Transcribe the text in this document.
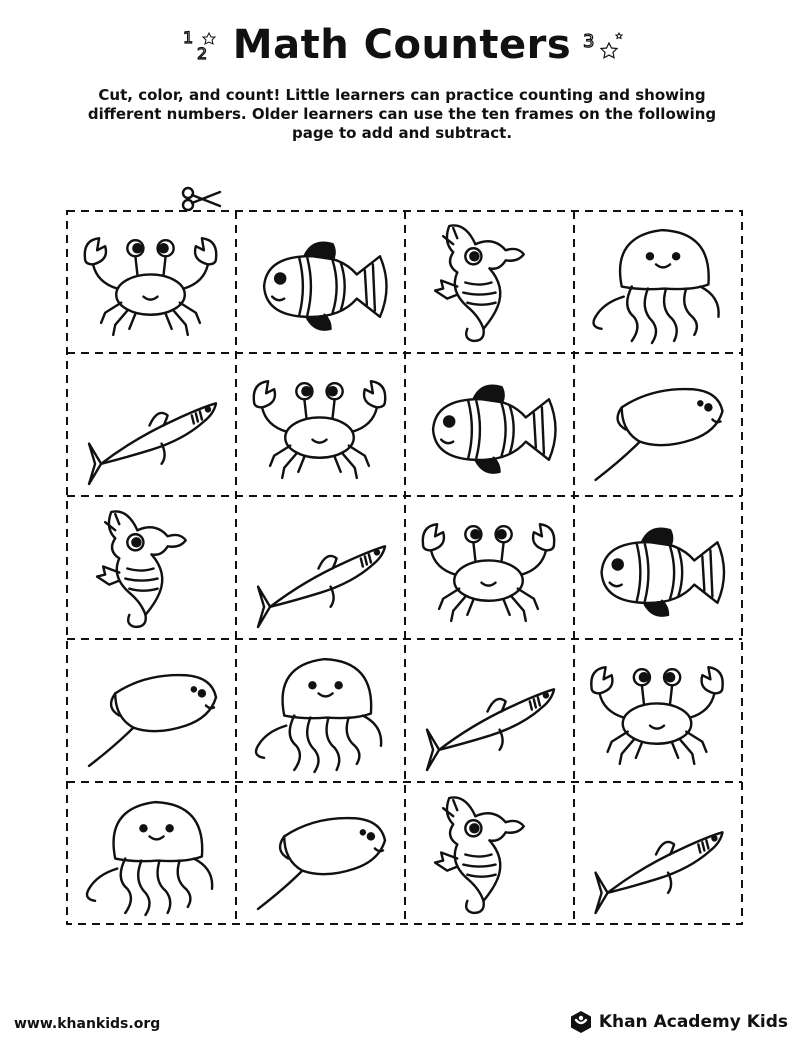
1
2 Math Counters 3
Cut, color, and count! Little learners can practice counting and showing different numbers. Older learners can use the ten frames on the following page to add and subtract.
www.khankids.org	Khan Academy Kids
